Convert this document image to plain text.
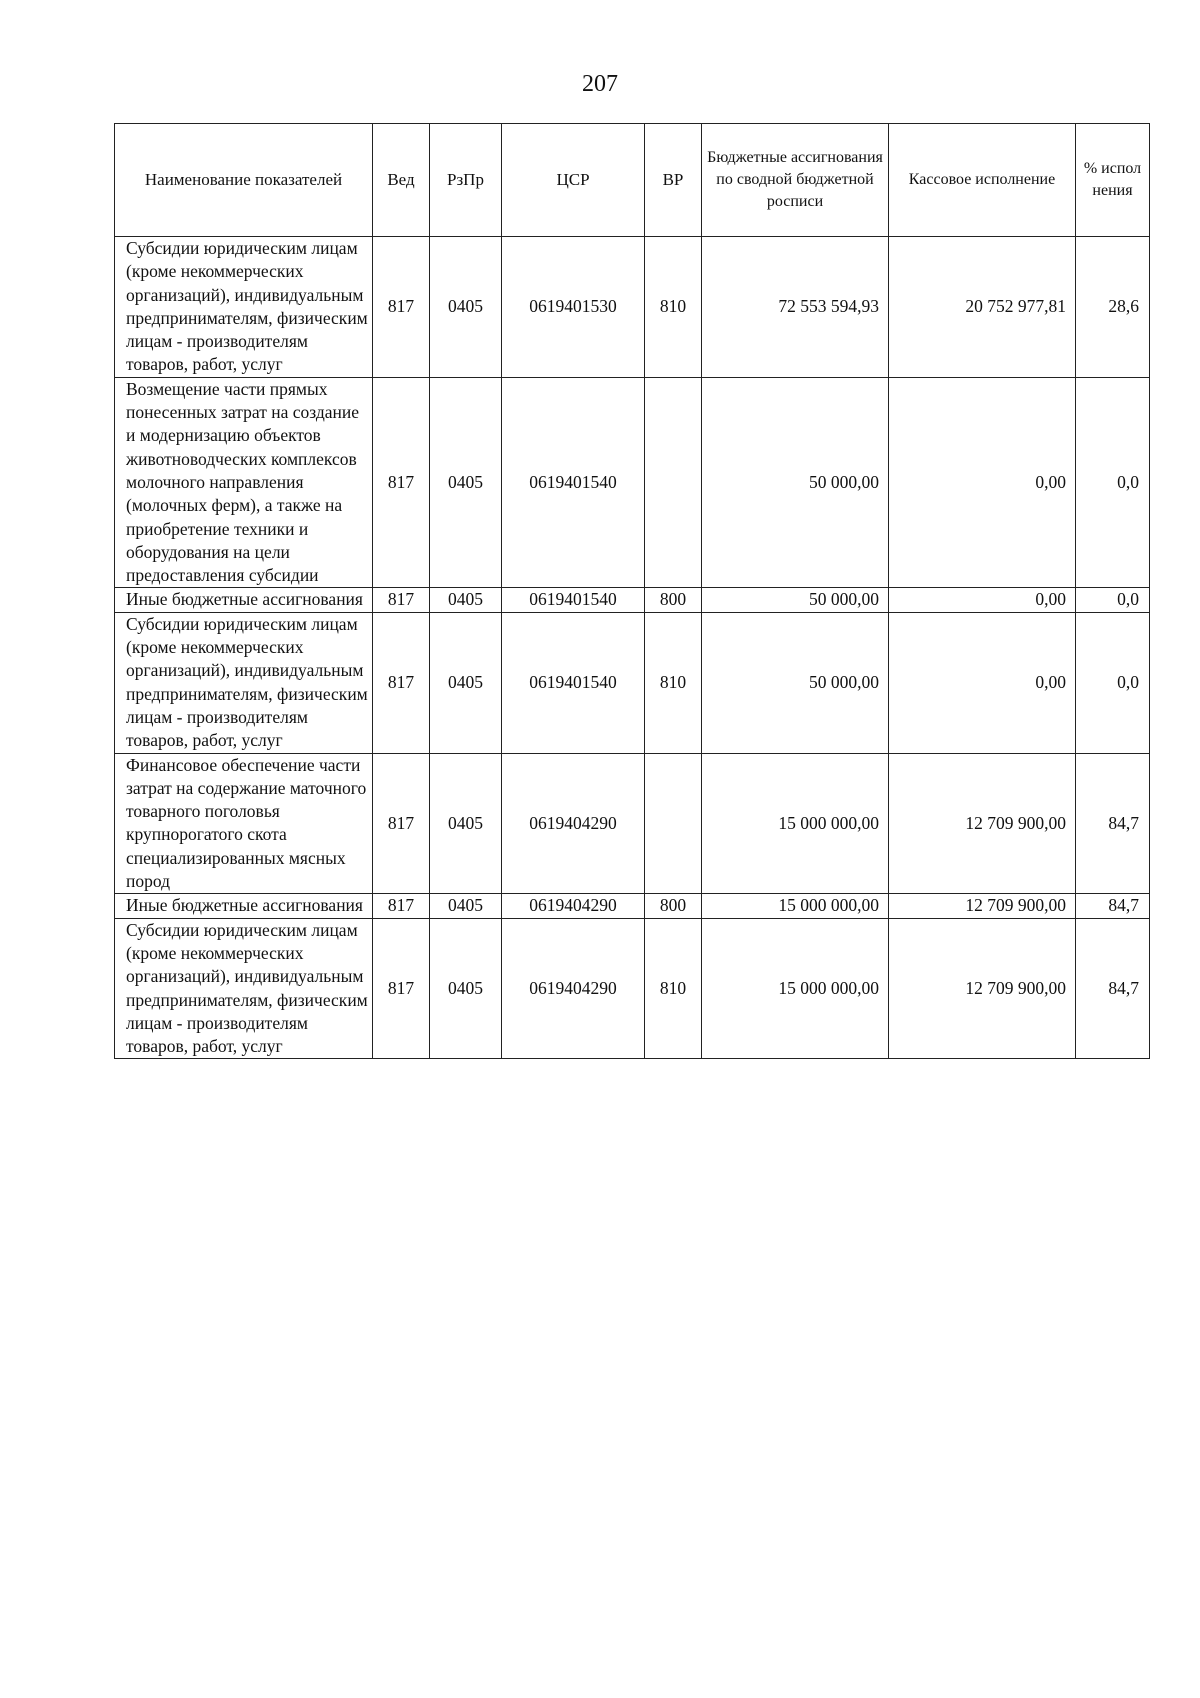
207
Наименование показателей	Вед	РзПр	ЦСР	ВР	Бюджетные ассигнования по сводной бюджетной росписи	Кассовое исполнение	% испол нения
Субсидии юридическим лицам (кроме некоммерческих организаций), индивидуальным предпринимателям, физическим лицам - производителям товаров, работ, услуг	817	0405	0619401530	810	72 553 594,93	20 752 977,81	28,6
Возмещение части прямых понесенных затрат на создание и модернизацию объектов животноводческих комплексов молочного направления (молочных ферм), а также на приобретение техники и оборудования на цели предоставления субсидии	817	0405	0619401540		50 000,00	0,00	0,0
Иные бюджетные ассигнования	817	0405	0619401540	800	50 000,00	0,00	0,0
Субсидии юридическим лицам (кроме некоммерческих организаций), индивидуальным предпринимателям, физическим лицам - производителям товаров, работ, услуг	817	0405	0619401540	810	50 000,00	0,00	0,0
Финансовое обеспечение части затрат на содержание маточного товарного поголовья крупнорогатого скота специализированных мясных пород	817	0405	0619404290		15 000 000,00	12 709 900,00	84,7
Иные бюджетные ассигнования	817	0405	0619404290	800	15 000 000,00	12 709 900,00	84,7
Субсидии юридическим лицам (кроме некоммерческих организаций), индивидуальным предпринимателям, физическим лицам - производителям товаров, работ, услуг	817	0405	0619404290	810	15 000 000,00	12 709 900,00	84,7
